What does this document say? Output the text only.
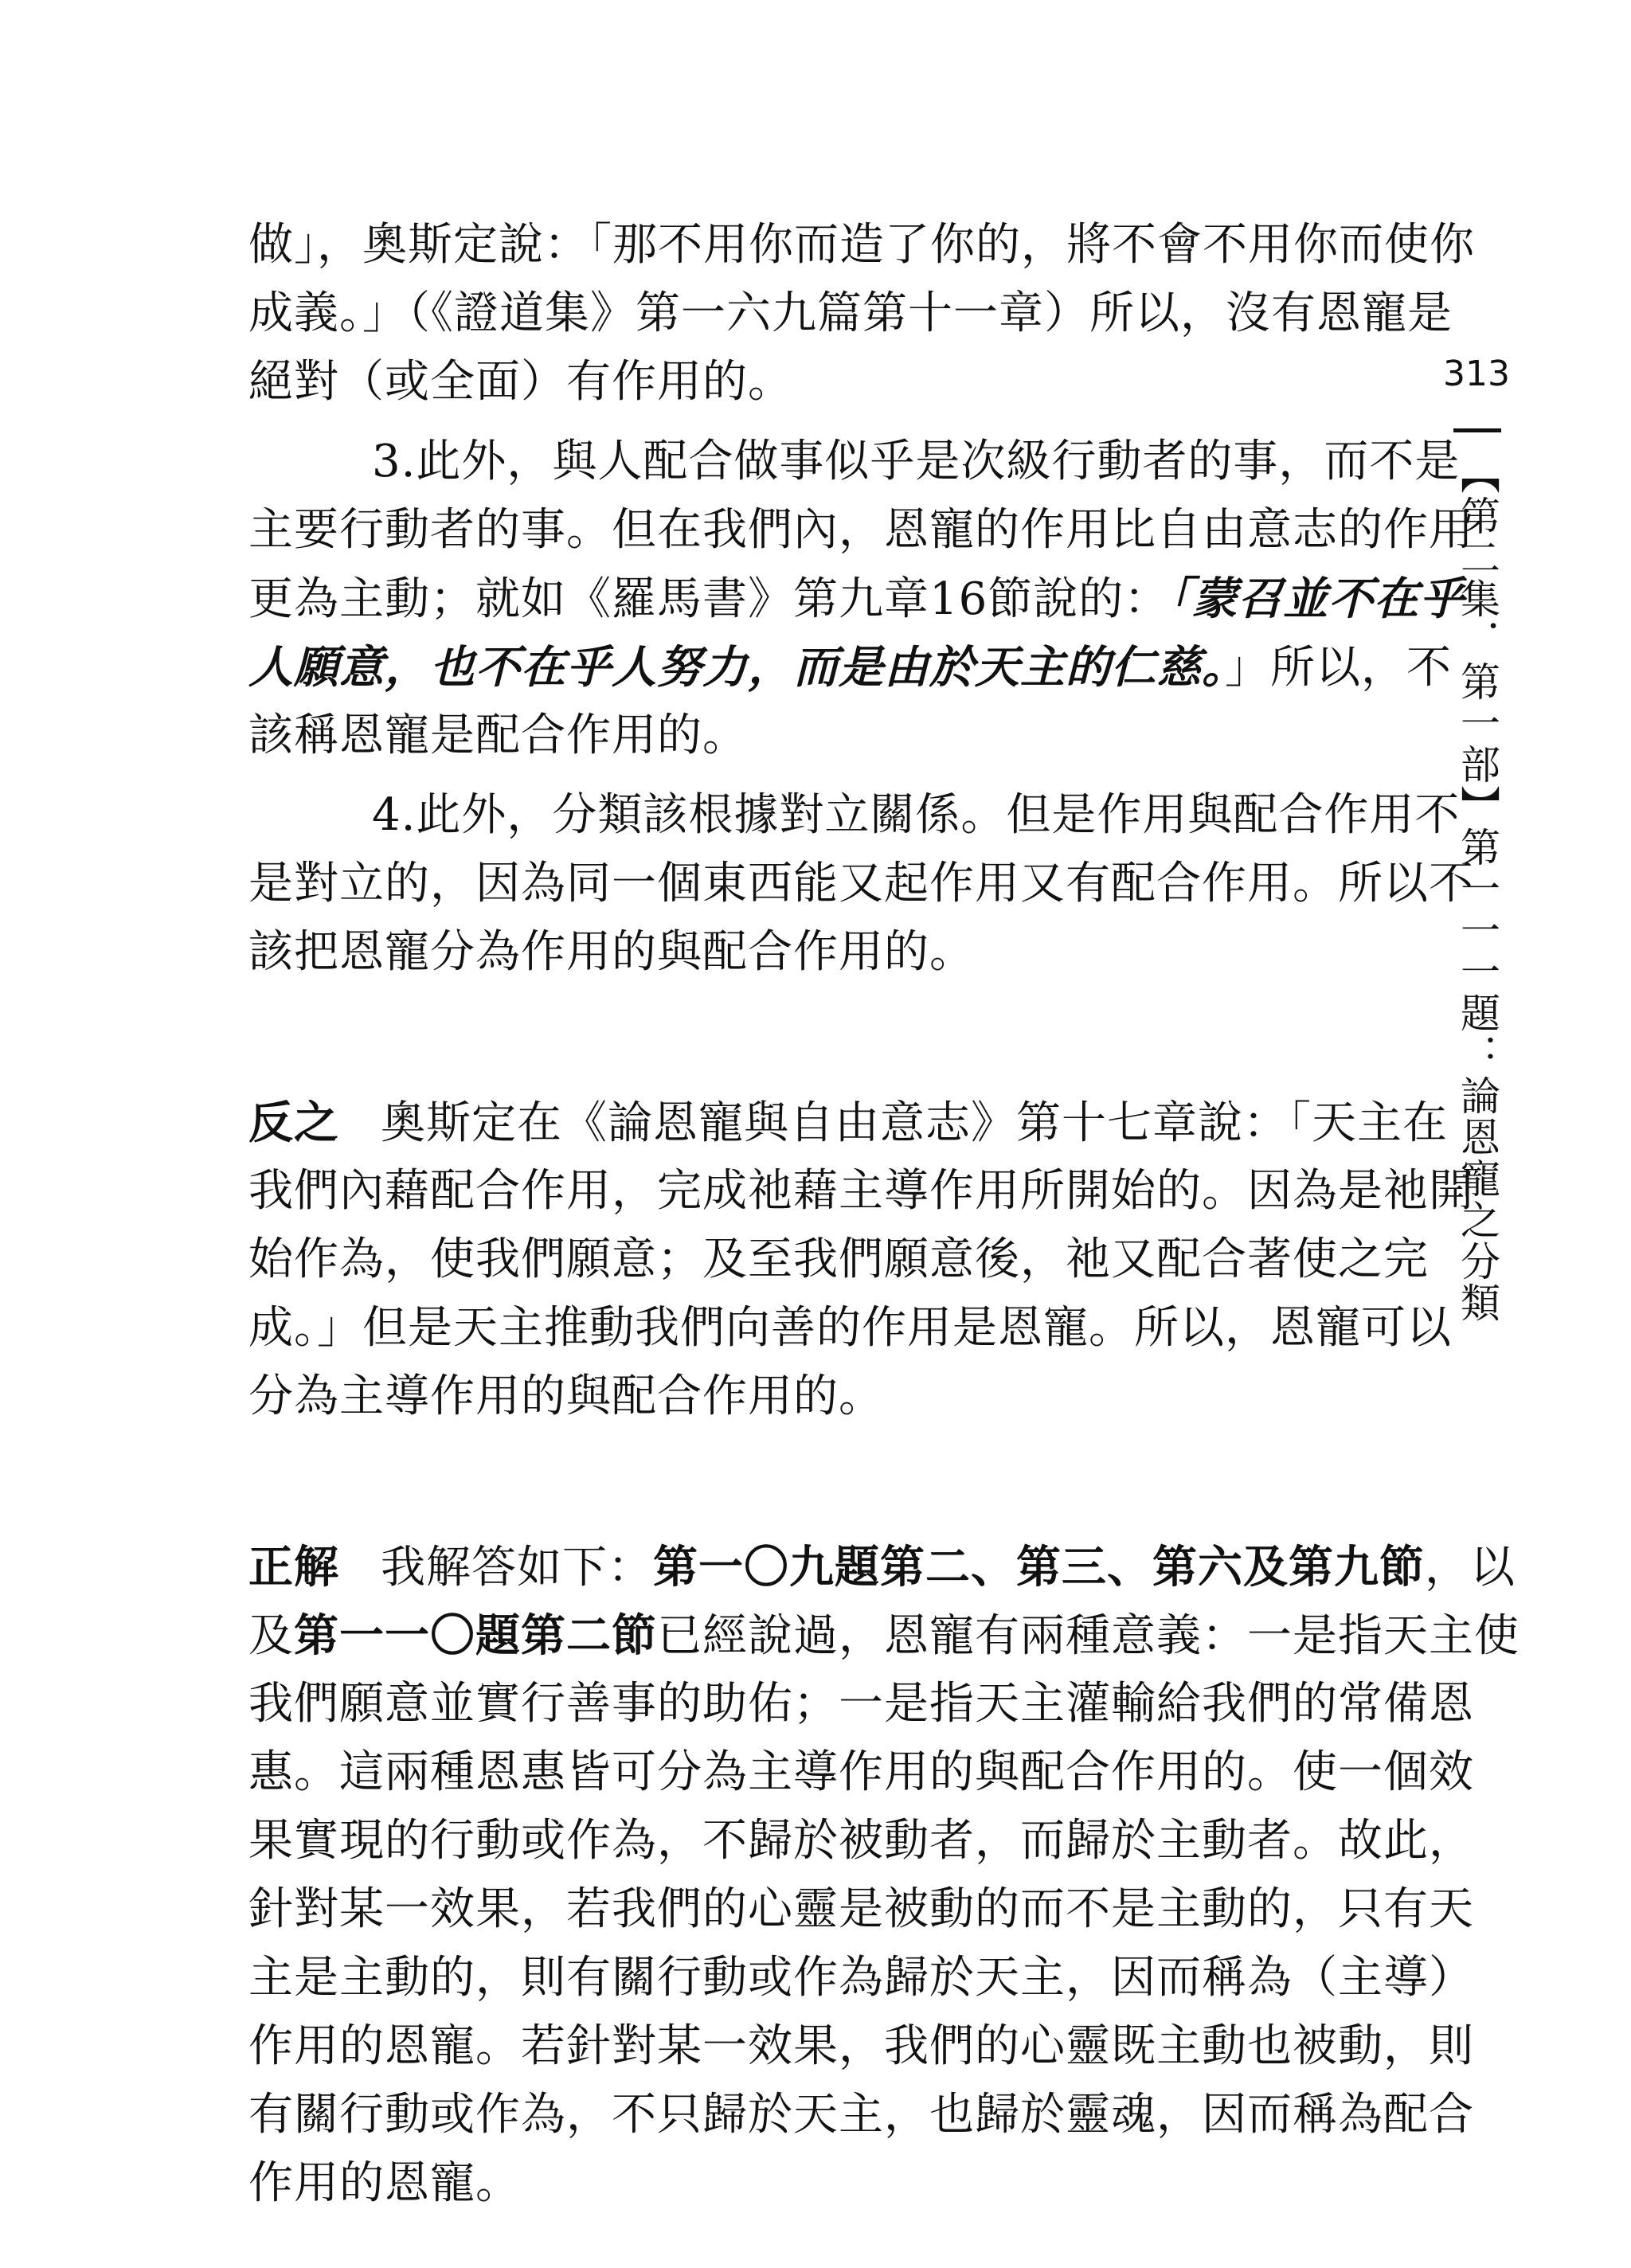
做」，奧斯定說：「那不用你而造了你的，將不會不用你而使你
成義。」（《證道集》第一六九篇第十一章）所以，沒有恩寵是
絕對（或全面）有作用的。
3.此外，與人配合做事似乎是次級行動者的事，而不是
主要行動者的事。但在我們內，恩寵的作用比自由意志的作用
更為主動；就如《羅馬書》第九章16節說的：「蒙召並不在乎
人願意，也不在乎人努力，而是由於天主的仁慈。」所以，不
該稱恩寵是配合作用的。
4.此外，分類該根據對立關係。但是作用與配合作用不
是對立的，因為同一個東西能又起作用又有配合作用。所以不
該把恩寵分為作用的與配合作用的。
反之 奧斯定在《論恩寵與自由意志》第十七章說：「天主在
我們內藉配合作用，完成祂藉主導作用所開始的。因為是祂開
始作為，使我們願意；及至我們願意後，祂又配合著使之完
成。」但是天主推動我們向善的作用是恩寵。所以，恩寵可以
分為主導作用的與配合作用的。
正解 我解答如下：第一〇九題第二、第三、第六及第九節，以
及第一一〇題第二節已經說過，恩寵有兩種意義：一是指天主使
我們願意並實行善事的助佑；一是指天主灌輸給我們的常備恩
惠。這兩種恩惠皆可分為主導作用的與配合作用的。使一個效
果實現的行動或作為，不歸於被動者，而歸於主動者。故此，
針對某一效果，若我們的心靈是被動的而不是主動的，只有天
主是主動的，則有關行動或作為歸於天主，因而稱為（主導）
作用的恩寵。若針對某一效果，我們的心靈既主動也被動，則
有關行動或作為，不只歸於天主，也歸於靈魂，因而稱為配合
作用的恩寵。
313
【第二集．第一部】第一一一題：論恩寵之分類
